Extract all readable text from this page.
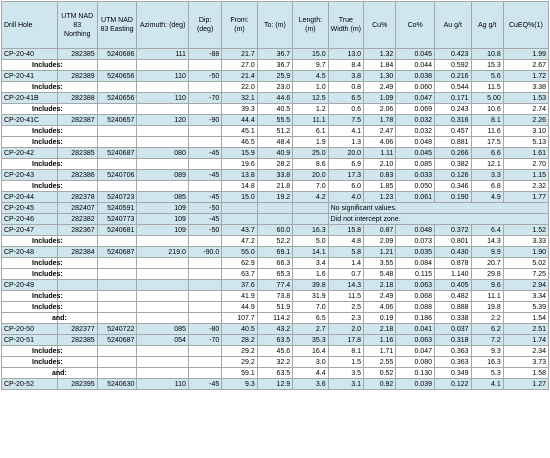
Drill Hole	UTM NAD 83 Northing	UTM NAD 83 Easting	Azimuth: (deg)	Dip: (deg)	From: (m)	To: (m)	Length: (m)	True Width (m)	Cu%	Co%	Au g/t	Ag g/t	CuEQ%(1)
CP-20-40	282385	5240686	111	-88	21.7	36.7	15.0	13.0	1.32	0.045	0.423	10.8	1.99
Includes:					27.0	36.7	9.7	8.4	1.84	0.044	0.592	15.3	2.67
CP-20-41	282389	5240656	110	-50	21.4	25.9	4.5	3.8	1.30	0.038	0.216	5.6	1.72
Includes:					22.0	23.0	1.0	0.8	2.49	0.060	0.544	11.5	3.38
CP-20-41B	282388	5240656	110	-70	32.1	44.6	12.5	6.5	1.09	0.047	0.171	5.00	1.53
Includes:					39.3	40.5	1.2	0.6	2.06	0.069	0.243	10.6	2.74
CP-20-41C	282387	5240657	120	-90	44.4	55.5	11.1	7.5	1.78	0.032	0.316	8.1	2.26
Includes:					45.1	51.2	6.1	4.1	2.47	0.032	0.457	11.6	3.10
Includes:					46.5	48.4	1.9	1.3	4.06	0.048	0.881	17.5	5.13
CP-20-42	282385	5240687	080	-45	15.9	40.9	25.0	20.0	1.11	0.045	0.266	6.6	1.61
Includes:					19.6	28.2	8.6	6.9	2.10	0.085	0.382	12.1	2.70
CP-20-43	282386	5240706	089	-45	13.8	33.8	20.0	17.3	0.83	0.033	0.126	3.3	1.15
Includes:					14.8	21.8	7.0	6.0	1.85	0.050	0.346	6.8	2.32
CP-20-44	282378	5240723	085	-45	15.0	19.2	4.2	4.0	1.23	0.061	0.190	4.9	1.77
CP-20-45	282407	5240591	109	-50				No significant values.					
CP-20-46	282382	5240773	109	-45				Did not intercept zone.					
CP-20-47	282367	5240681	109	-50	43.7	60.0	16.3	15.8	0.87	0.048	0.372	6.4	1.52
Includes:					47.2	52.2	5.0	4.8	2.09	0.073	0.801	14.3	3.33
CP-20-48	282384	5240687	219.0	-90.0	55.0	69.1	14.1	5.8	1.21	0.035	0.430	9.9	1.90
Includes:					62.9	66.3	3.4	1.4	3.55	0.084	0.878	20.7	5.02
Includes:					63.7	65.3	1.6	0.7	5.48	0.115	1.140	29.8	7.25
CP-20-49					37.6	77.4	39.8	14.3	2.18	0.063	0.405	9.6	2.94
Includes:					41.9	73.8	31.9	11.5	2.49	0.068	0.482	11.1	3.34
Includes:					44.9	51.9	7.0	2.5	4.06	0.088	0.888	19.8	5.39
and:					107.7	114.2	6.5	2.3	0.19	0.186	0.338	2.2	1.54
CP-20-50	282377	5240722	085	-80	40.5	43.2	2.7	2.0	2.18	0.041	0.037	6.2	2.51
CP-20-51	282385	5240687	054	-70	28.2	63.5	35.3	17.8	1.16	0.063	0.318	7.2	1.74
Includes:					29.2	45.6	16.4	8.1	1.71	0.047	0.363	9.3	2.34
Includes:					29.2	32.2	3.0	1.5	2.55	0.080	0.363	16.3	3.73
and:					59.1	63.5	4.4	3.5	0.52	0.130	0.349	5.3	1.58
CP-20-52	282395	5240630	110	-45	9.3	12.9	3.6	3.1	0.92	0.039	0.122	4.1	1.27
